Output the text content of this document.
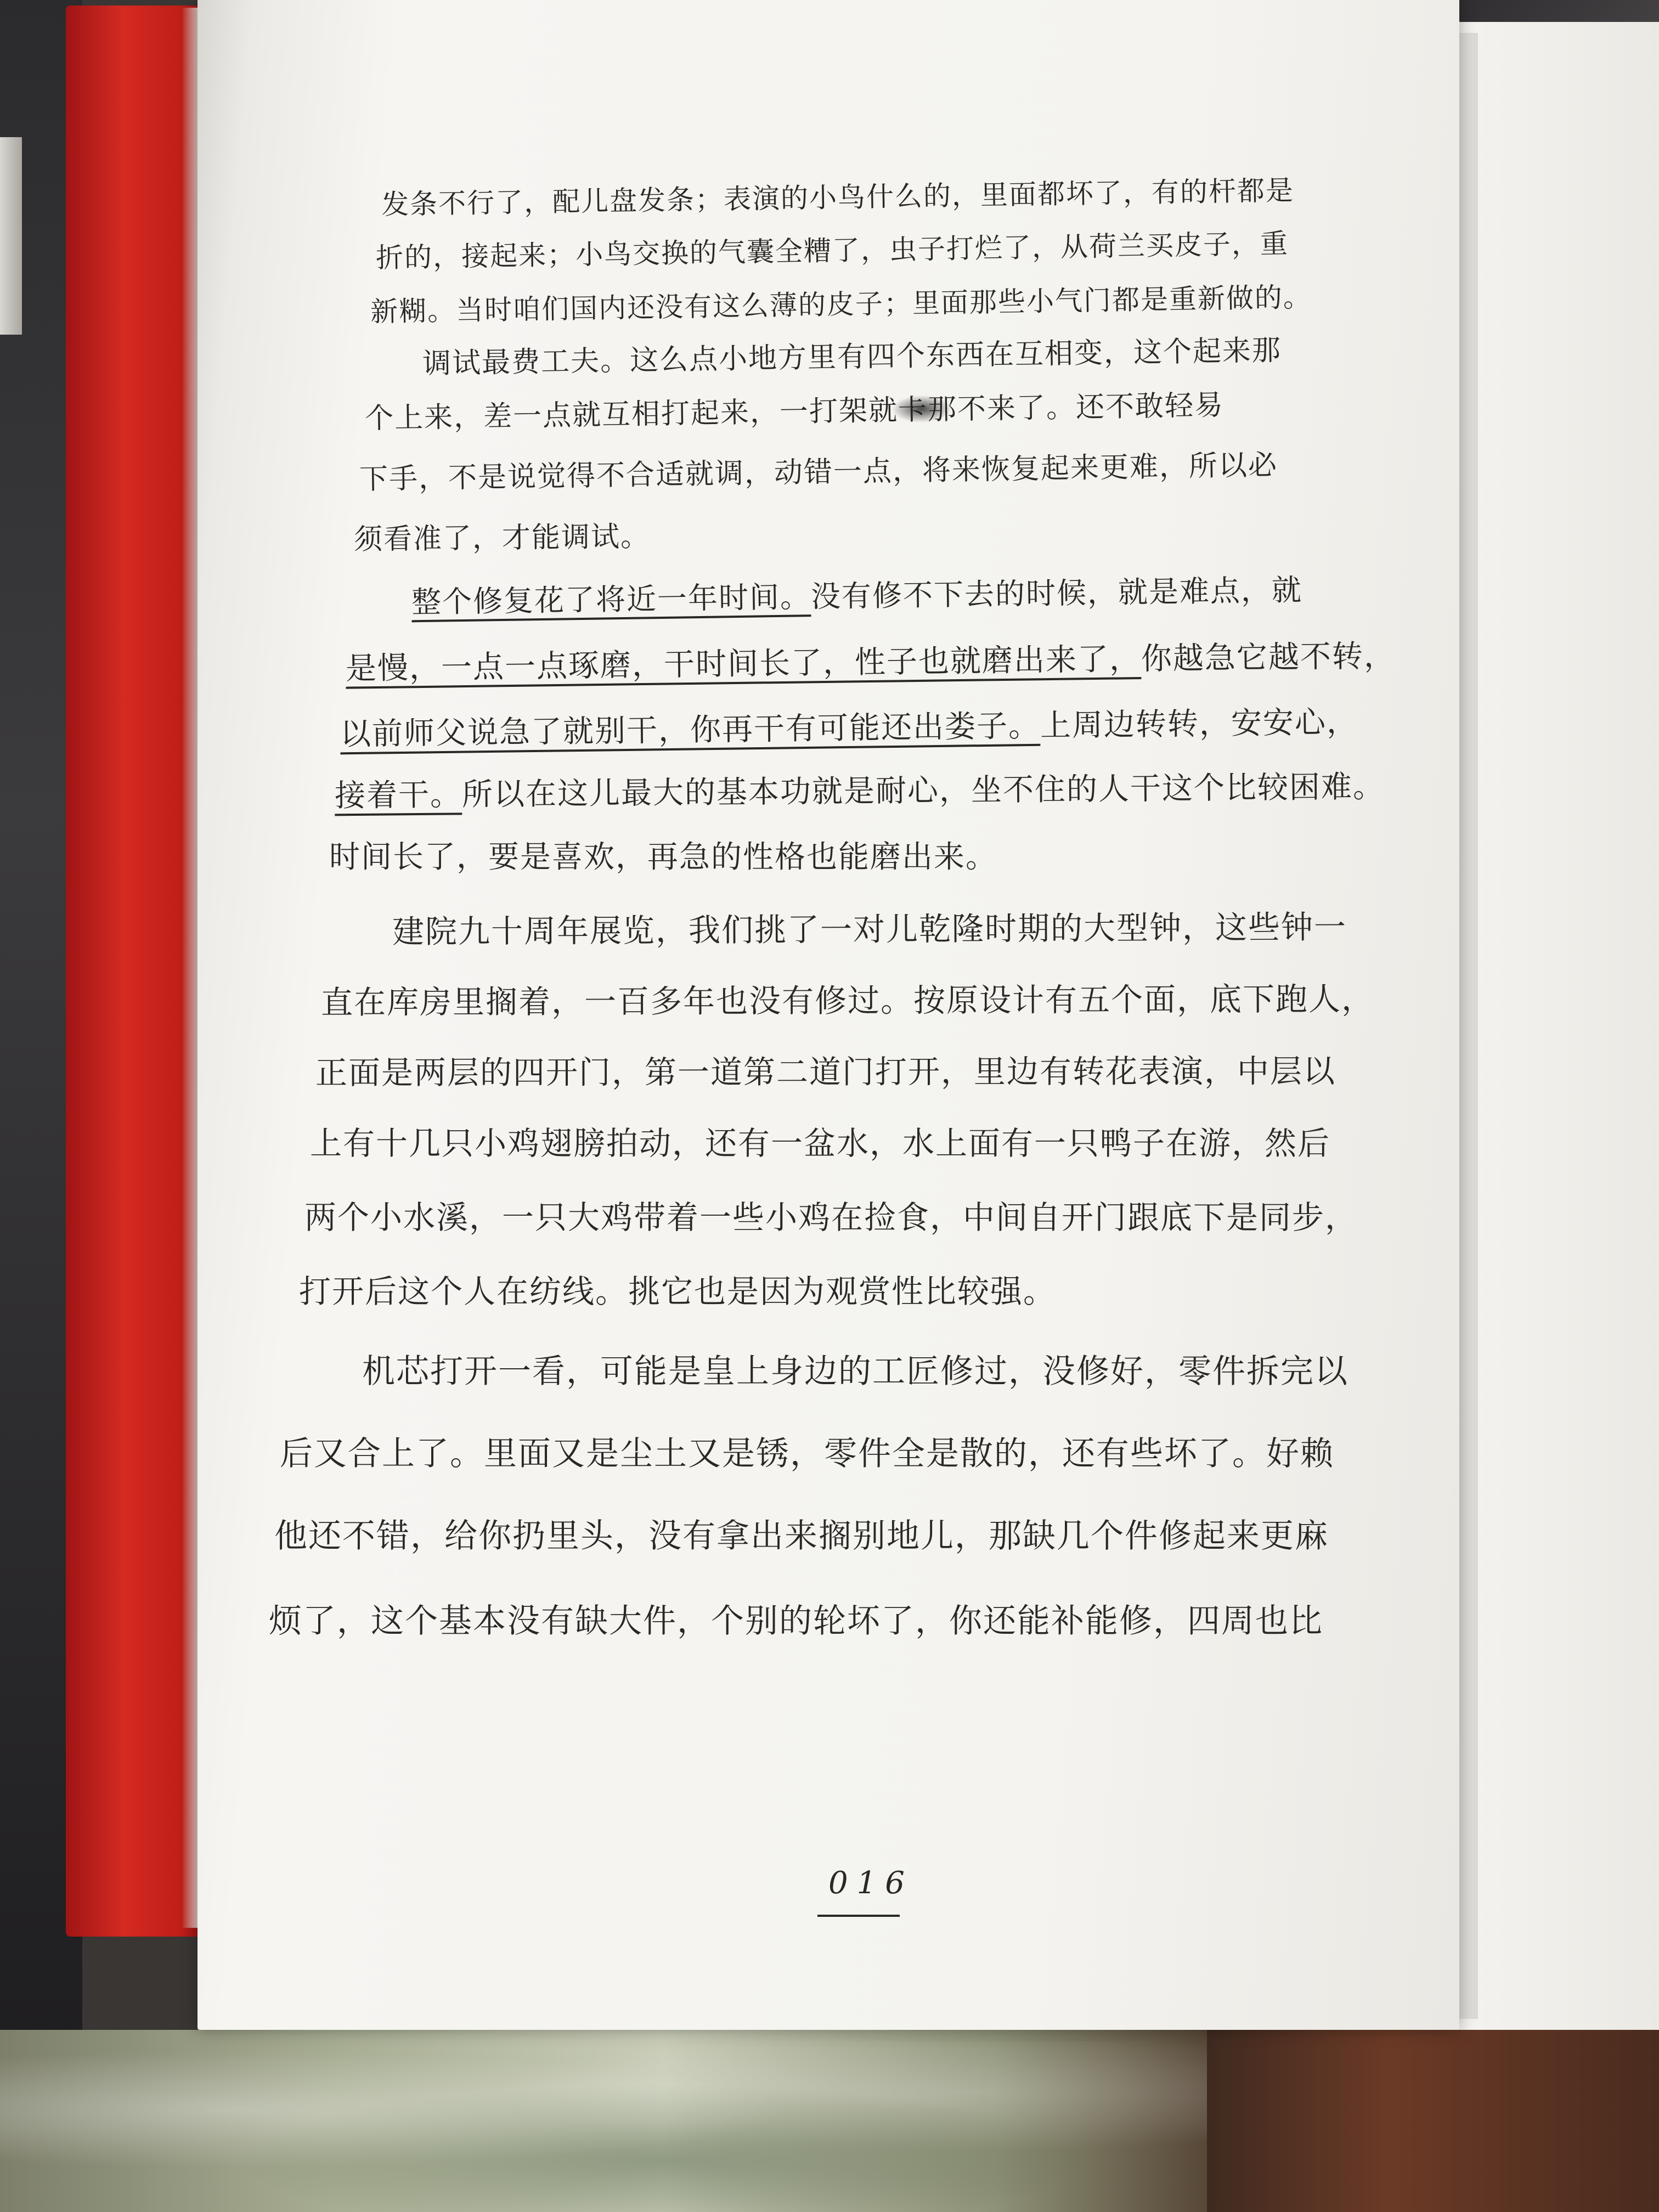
发条不行了，配儿盘发条；表演的小鸟什么的，里面都坏了，有的杆都是
折的，接起来；小鸟交换的气囊全糟了，虫子打烂了，从荷兰买皮子，重
新糊。当时咱们国内还没有这么薄的皮子；里面那些小气门都是重新做的。
调试最费工夫。这么点小地方里有四个东西在互相变，这个起来那
个上来，差一点就互相打起来，一打架就卡那不来了。还不敢轻易
下手，不是说觉得不合适就调，动错一点，将来恢复起来更难，所以必
须看准了，才能调试。
整个修复花了将近一年时间。没有修不下去的时候，就是难点，就
是慢，一点一点琢磨，干时间长了，性子也就磨出来了，你越急它越不转，
以前师父说急了就别干，你再干有可能还出娄子。上周边转转，安安心，
接着干。所以在这儿最大的基本功就是耐心，坐不住的人干这个比较困难。
时间长了，要是喜欢，再急的性格也能磨出来。
建院九十周年展览，我们挑了一对儿乾隆时期的大型钟，这些钟一
直在库房里搁着，一百多年也没有修过。按原设计有五个面，底下跑人，
正面是两层的四开门，第一道第二道门打开，里边有转花表演，中层以
上有十几只小鸡翅膀拍动，还有一盆水，水上面有一只鸭子在游，然后
两个小水溪，一只大鸡带着一些小鸡在捡食，中间自开门跟底下是同步，
打开后这个人在纺线。挑它也是因为观赏性比较强。
机芯打开一看，可能是皇上身边的工匠修过，没修好，零件拆完以
后又合上了。里面又是尘土又是锈，零件全是散的，还有些坏了。好赖
他还不错，给你扔里头，没有拿出来搁别地儿，那缺几个件修起来更麻
烦了，这个基本没有缺大件，个别的轮坏了，你还能补能修，四周也比
016
